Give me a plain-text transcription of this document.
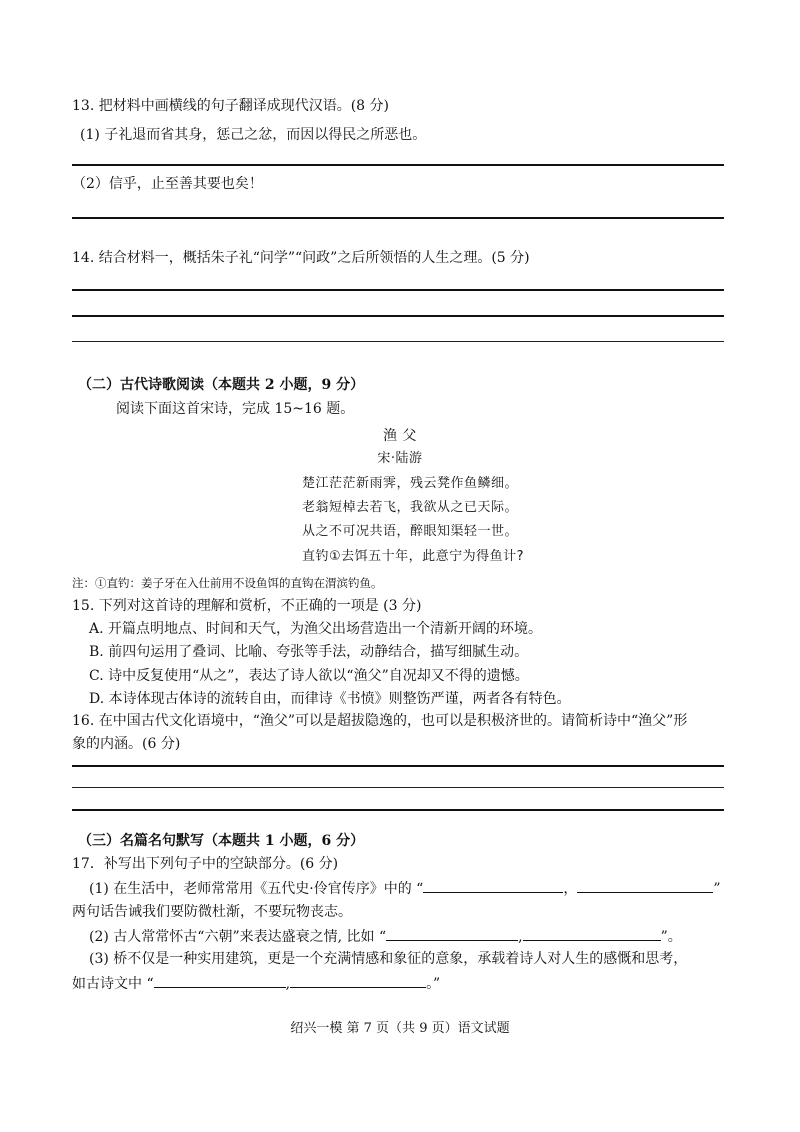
13. 把材料中画横线的句子翻译成现代汉语。(8 分)
(1) 子礼退而省其身，惩己之忿，而因以得民之所恶也。
（2）信乎，止至善其要也矣！
14. 结合材料一，概括朱子礼“问学”“问政”之后所领悟的人生之理。(5 分)
（二）古代诗歌阅读（本题共 2 小题，9 分）
阅读下面这首宋诗，完成 15~16 题。
渔 父
宋·陆游
楚江茫茫新雨霁，残云凳作鱼鳞细。
老翁短棹去若飞，我欲从之已天际。
从之不可况共语，醉眼知渠轻一世。
直钓①去饵五十年，此意宁为得鱼计?
注：①直钓：姜子牙在入仕前用不设鱼饵的直钩在渭滨钓鱼。
15. 下列对这首诗的理解和赏析，不正确的一项是 (3 分)
A. 开篇点明地点、时间和天气，为渔父出场营造出一个清新开阔的环境。
B. 前四句运用了叠词、比喻、夸张等手法，动静结合，描写细腻生动。
C. 诗中反复使用“从之”，表达了诗人欲以“渔父”自况却又不得的遗憾。
D. 本诗体现古体诗的流转自由，而律诗《书愤》则整饬严谨，两者各有特色。
16. 在中国古代文化语境中，“渔父”可以是超拔隐逸的，也可以是积极济世的。请简析诗中“渔父”形
象的内涵。(6 分)
（三）名篇名句默写（本题共 1 小题，6 分）
17．补写出下列句子中的空缺部分。(6 分)
(1) 在生活中，老师常常用《五代史·伶官传序》中的 “	，	”
两句话告诫我们要防微杜渐，不要玩物丧志。
(2) 古人常常怀古“六朝”来表达盛衰之情, 比如 “	,	”。
(3) 桥不仅是一种实用建筑，更是一个充满情感和象征的意象，承载着诗人对人生的感慨和思考，
如古诗文中 “	,	。”
绍兴一模 第 7 页（共 9 页）语文试题
